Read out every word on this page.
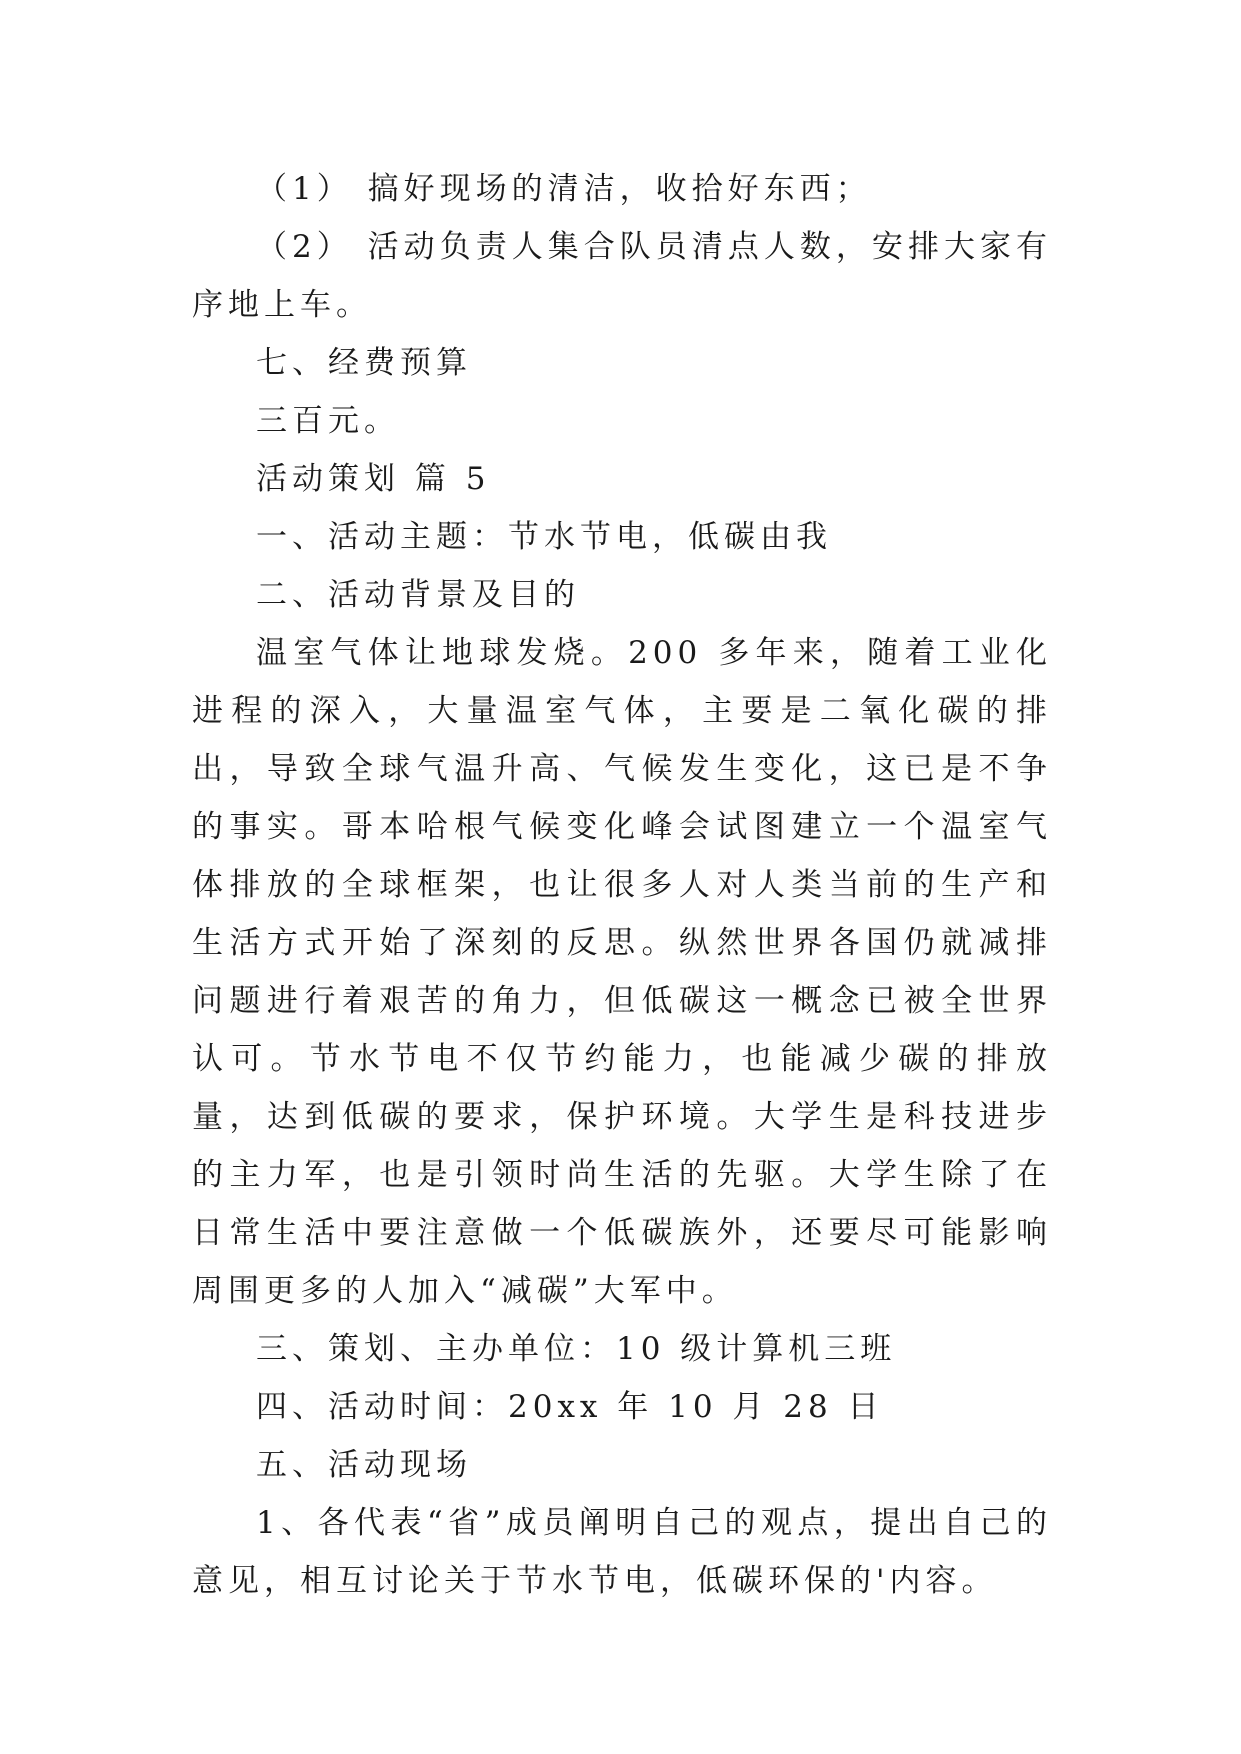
（1） 搞好现场的清洁，收拾好东西；

（2） 活动负责人集合队员清点人数，安排大家有序地上车。

七、经费预算

三百元。

活动策划 篇 5

一、活动主题：节水节电，低碳由我

二、活动背景及目的

温室气体让地球发烧。200 多年来，随着工业化进程的深入，大量温室气体，主要是二氧化碳的排出，导致全球气温升高、气候发生变化，这已是不争的事实。哥本哈根气候变化峰会试图建立一个温室气体排放的全球框架，也让很多人对人类当前的生产和生活方式开始了深刻的反思。纵然世界各国仍就减排问题进行着艰苦的角力，但低碳这一概念已被全世界认可。节水节电不仅节约能力，也能减少碳的排放量，达到低碳的要求，保护环境。大学生是科技进步的主力军，也是引领时尚生活的先驱。大学生除了在日常生活中要注意做一个低碳族外，还要尽可能影响周围更多的人加入“减碳”大军中。

三、策划、主办单位：10 级计算机三班

四、活动时间：20xx 年 10 月 28 日

五、活动现场

1、各代表“省”成员阐明自己的观点，提出自己的意见，相互讨论关于节水节电，低碳环保的'内容。
